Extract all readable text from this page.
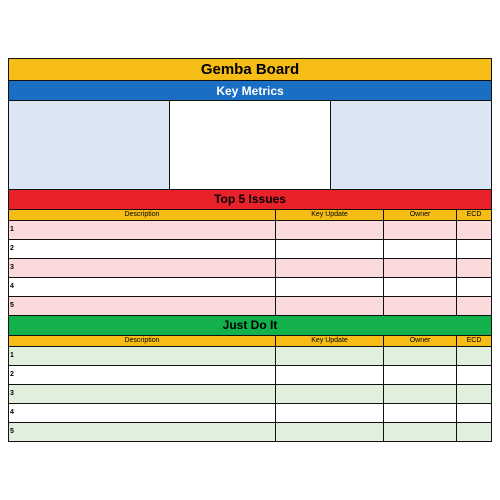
Gemba Board
Key Metrics
Top 5 Issues
Description	Key Update	Owner	ECD
1
2
3
4
5
Just Do It
Description	Key Update	Owner	ECD
1
2
3
4
5
